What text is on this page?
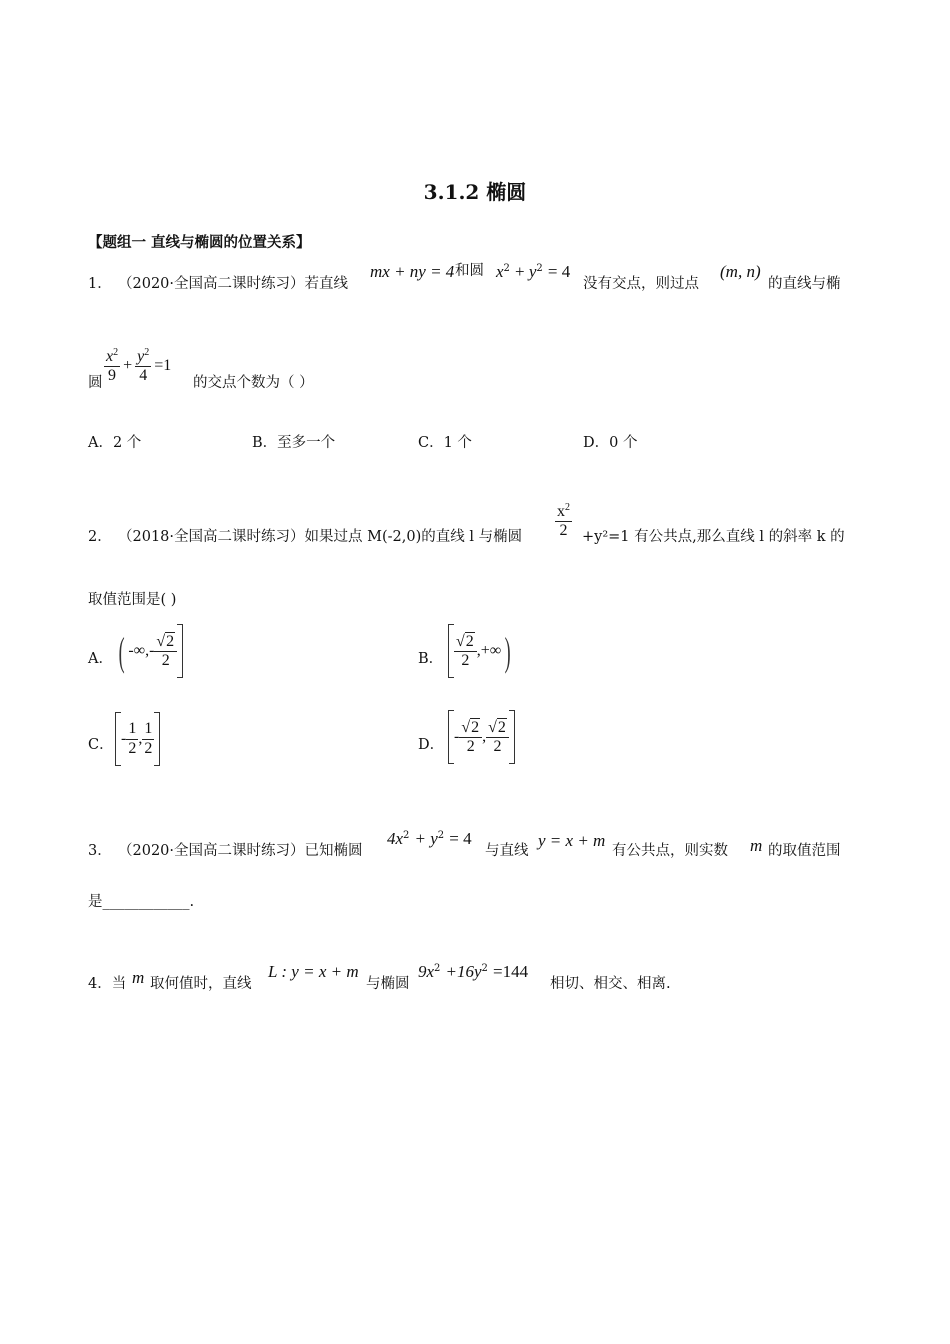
3.1.2 椭圆
【题组一 直线与椭圆的位置关系】
1． （2020·全国高二课时练习）若直线
mx + ny = 4 和圆 $x^2 + y^2 = 4$
没有交点，则过点
(m, n)
的直线与椭
圆 $\frac{x^2}{9} + \frac{y^2}{4} =1$
的交点个数为（ ）
A．2 个	B．至多一个	C．1 个	D．0 个
2． （2018·全国高二课时练习）如果过点 M(-2,0)的直线 l 与椭圆 $\frac{x^2}{2} +y^2=1$ 有公共点,那么直线 l 的斜率 k 的
取值范围是( )
A． ( -∞,- $\frac{√2}{2}$	B． $\frac{√2}{2}$ ,+∞ )
C． - $\frac{1}{2}$ , $\frac{1}{2}$	D． - $\frac{√2}{2}$ , $\frac{√2}{2}$
3． （2020·全国高二课时练习）已知椭圆
$4x^2 + y^2 = 4$
与直线
y = x + m
有公共点，则实数 m 的取值范围
是____________.
4．当 m 取何值时，直线
L : y = x + m
与椭圆
$9x^2 +16y^2 =144$
相切、相交、相离.
